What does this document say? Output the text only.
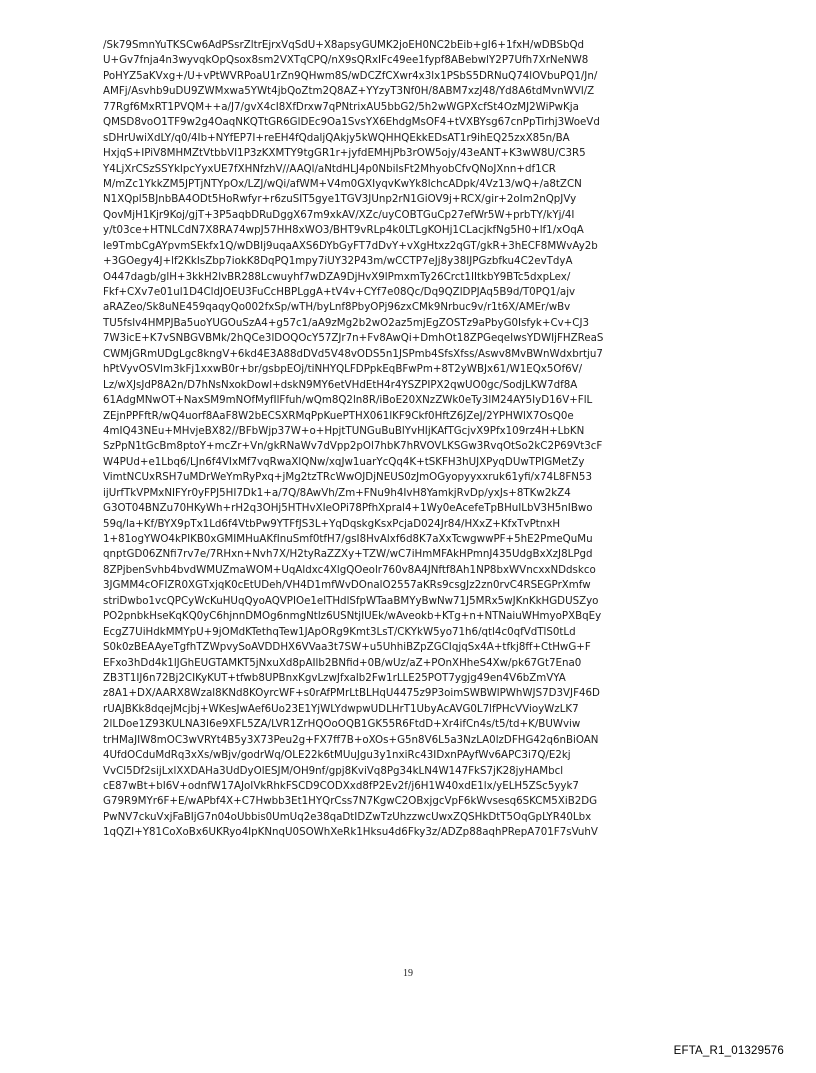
/Sk79SmnYuTKSCw6AdPSsrZltrEjrxVqSdU+X8apsyGUMK2joEH0NC2bEib+gI6+1fxH/wDBSbQd
U+Gv7fnja4n3wyvqkOpQsox8sm2VXTqCPQ/nX9sQRxIFc49ee1fypf8ABebwlY2P7Ufh7XrNeNW8
PoHYZ5aKVxg+/U+vPtWVRPoaU1rZn9QHwm8S/wDCZfCXwr4x3lx1PSbS5DRNuQ74lOVbuPQ1/Jn/
AMFj/Asvhb9uDU9ZWMxwa5YWt4jbQoZtm2Q8AZ+YYzyT3Nf0H/8ABM7xzJ48/Yd8A6tdMvnWVl/Z
77Rgf6MxRT1PVQM++a/J7/gvX4cI8XfDrxw7qPNtrixAU5bbG2/5h2wWGPXcfSt4OzMJ2WiPwKja
QMSD8voO1TF9w2g4OaqNKQTtGR6GlDEc9Oa1SvsYX6EhdgMsOF4+tVXBYsg67cnPpTirhj3WoeVd
sDHrUwiXdLY/q0/4Ib+NYfEP7I+reEH4fQdaljQAkjy5kWQHHQEkkEDsAT1r9ihEQ25zxX85n/BA
HxjqS+IPiV8MHMZtVtbbVI1P3zKXMTY9tgGR1r+jyfdEMHjPb3rOW5ojy/43eANT+K3wW8U/C3R5
Y4LjXrCSzSSYkIpcYyxUE7fXHNfzhV//AAQl/aNtdHLJ4p0NbiIsFt2MhyobCfvQNoJXnn+df1CR
M/mZc1YkkZM5JPTjNTYpOx/LZJ/wQi/afWM+V4m0GXIyqvKwYk8lchcADpk/4Vz13/wQ+/a8tZCN
N1XQpl5BJnbBA4ODt5HoRwfyr+r6zuSIT5gye1TGV3JUnp2rN1GiOV9j+RCX/gir+2oIm2nQpJVy
QovMjH1Kjr9Koj/gjT+3P5aqbDRuDggX67m9xkAV/XZc/uyCOBTGuCp27efWr5W+prbTY/kYj/4I
y/t03ce+HTNLCdN7X8RA74wpJ57HH8xWO3/BHT9vRLp4k0LTLgKOHj1CLacjkfNg5H0+lf1/xOqA
le9TmbCgAYpvmSEkfx1Q/wDBIj9uqaAXS6DYbGyFT7dDvY+vXgHtxz2qGT/gkR+3hECF8MWvAy2b
+3GOegy4J+lf2KkIsZbp7iokK8DqPQ1mpy7iUY32P43m/wCCTP7eJj8y38IJPGzbfku4C2evTdyA
O447dagb/glH+3kkH2lvBR288Lcwuyhf7wDZA9DjHvX9lPmxmTy26Crct1IItkbY9BTc5dxpLex/
Fkf+CXv7e01ul1D4CldJOEU3FuCcHBPLggA+tV4v+CYf7e08Qc/Dq9QZlDPJAq5B9d/T0PQ1/ajv
aRAZeo/Sk8uNE459qaqyQo002fxSp/wTH/byLnf8PbyOPj96zxCMk9Nrbuc9v/r1t6X/AMEr/wBv
TU5fslv4HMPJBa5uoYUGOuSzA4+g57c1/aA9zMg2b2wO2az5mjEgZOSTz9aPbyG0Isfyk+Cv+CJ3
7W3icE+K7vSNBGVBMk/2hQCe3lDOQOcY57ZJr7n+Fv8AwQi+DmhOt18ZPGeqeIwsYDWIjFHZReaS
CWMjGRmUDgLgc8kngV+6kd4E3A88dDVd5V48vODS5n1JSPmb4SfsXfss/Aswv8MvBWnWdxbrtju7
hPtVyvOSVlm3kFj1xxwB0r+br/gsbpEOj/tiNHYQLFDPpkEqBFwPm+8T2yWBJx61/W1EQx5Of6V/
Lz/wXJsJdP8A2n/D7hNsNxokDowl+dskN9MY6etVHdEtH4r4YSZPIPX2qwUO0gc/SodjLKW7df8A
61AdgMNwOT+NaxSM9mNOfMyfIlFfuh/wQm8Q2ln8R/iBoE20XNzZWk0eTy3lM24AY5IyD16V+FlL
ZEjnPPFftR/wQ4uorf8AaF8W2bECSXRMqPpKuePTHX061lKF9Ckf0HftZ6JZeJ/2YPHWlX7OsQ0e
4mIQ43NEu+MHvjeBX82//BFbWjp37W+o+HpjtTUNGuBuBlYvHIjKAfTGcjvX9Pfx109rz4H+LbKN
SzPpN1tGcBm8ptoY+mcZr+Vn/gkRNaWv7dVpp2pOl7hbK7hRVOVLKSGw3RvqOtSo2kC2P69Vt3cF
W4PUd+e1Lbq6/LJn6f4VIxMf7vqRwaXlQNw/xqJw1uarYcQq4K+tSKFH3hUJXPyqDUwTPIGMetZy
VimtNCUxRSH7uMDrWeYmRyPxq+jMg2tzTRcWwOJDjNEUS0zJmOGyopyyxxruk61yfi/x74L8FN53
ijUrfTkVPMxNIFYr0yFPJ5HI7Dk1+a/7Q/8AwVh/Zm+FNu9h4IvH8YamkjRvDp/yxJs+8TKw2kZ4
G3OT04BNZu70HKyWh+rH2q3OHj5HTHvXIeOPi78PfhXpral4+1Wy0eAcefeTpBHuILbV3H5nIBwo
59q/la+Kf/BYX9pTx1Ld6f4VtbPw9YTFfJS3L+YqDqskgKsxPcjaD024Jr84/HXxZ+KfxTvPtnxH
1+81ogYWO4kPIKB0xGMIMHuAKfInuSmf0tfH7/gsI8HvAlxf6d8K7aXxTcwgwwPF+5hE2PmeQuMu
qnptGD06ZNfi7rv7e/7RHxn+Nvh7X/H2tyRaZZXy+TZW/wC7iHmMFAkHPmnJ435UdgBxXzJ8LPgd
8ZPjbenSvhb4bvdWMUZmaWOM+UqAldxc4XlgQOeolr760v8A4JNftf8Ah1NP8bxWVncxxNDdskco
3JGMM4cOFIZR0XGTxjqK0cEtUDeh/VH4D1mfWvDOnalO2557aKRs9csgJz2zn0rvC4RSEGPrXmfw
striDwbo1vcQPCyWcKuHUqQyoAQVPIOe1elTHdlSfpWTaaBMYyBwNw71J5MRx5wJKnKkHGDUSZyo
PO2pnbkHseKqKQ0yC6hjnnDMOg6nmgNtlz6USNtjIUEk/wAveokb+KTg+n+NTNaiuWHmyoPXBqEy
EcgZ7UiHdkMMYpU+9jOMdKTethqTew1JApORg9Kmt3LsT/CKYkW5yo71h6/qtl4c0qfVdTlS0tLd
S0k0zBEAAyeTgfhTZWpvySoAVDDHX6VVaa3t7SW+u5UhhiBZpZGCIqjqSx4A+tfkj8ff+CtHwG+F
EFxo3hDd4k1lJGhEUGTAMKT5jNxuXd8pAIlb2BNfid+0B/wUz/aZ+POnXHheS4Xw/pk67Gt7Ena0
ZB3T1IJ6n72Bj2CIKyKUT+tfwb8UPBnxKgvLzwJfxalb2Fw1rLLE25POT7ygjg49en4V6bZmVYA
z8A1+DX/AARX8Wzal8KNd8KOyrcWF+s0rAfPMrLtBLHqU4475z9P3oimSWBWlPWhWJS7D3VJF46D
rUAJBKk8dqejMcjbj+WKesJwAef6Uo23E1YjWLYdwpwUDLHrT1UbyAcAVG0L7lfPHcVVioyWzLK7
2lLDoe1Z93KULNA3I6e9XFL5ZA/LVR1ZrHQOoOQB1GK55R6FtdD+Xr4ifCn4s/t5/td+K/BUWviw
trHMaJIW8mOC3wVRYt4B5y3X73Peu2g+FX7ff7B+oXOs+G5n8V6L5a3NzLA0lzDFHG42q6nBiOAN
4UfdOCduMdRq3xXs/wBjv/godrWq/OLE22k6tMUuJgu3y1nxiRc43IDxnPAyfWv6APC3i7Q/E2kj
VvCl5Df2sijLxlXXDAHa3UdDyOlESJM/OH9nf/gpj8KviVq8Pg34kLN4W147FkS7jK28jyHAMbcl
cE87wBt+bI6V+odnfW17AJoIVkRhkFSCD9CODXxd8fP2Ev2f/j6H1W40xdE1lx/yELH5ZSc5yyk7
G79R9MYr6F+E/wAPbf4X+C7Hwbb3Et1HYQrCss7N7KgwC2OBxjgcVpF6kWvsesq6SKCM5XiB2DG
PwNV7ckuVxjFaBIjG7n04oUbbis0UmUq2e38qaDtIDZwTzUhzzwcUwxZQSHkDtT5OqGpLYR40Lbx
1qQZI+Y81CoXoBx6UKRyo4IpKNnqU0SOWhXeRk1Hksu4d6Fky3z/ADZp88aqhPRepA701F7sVuhV
19
EFTA_R1_01329576
